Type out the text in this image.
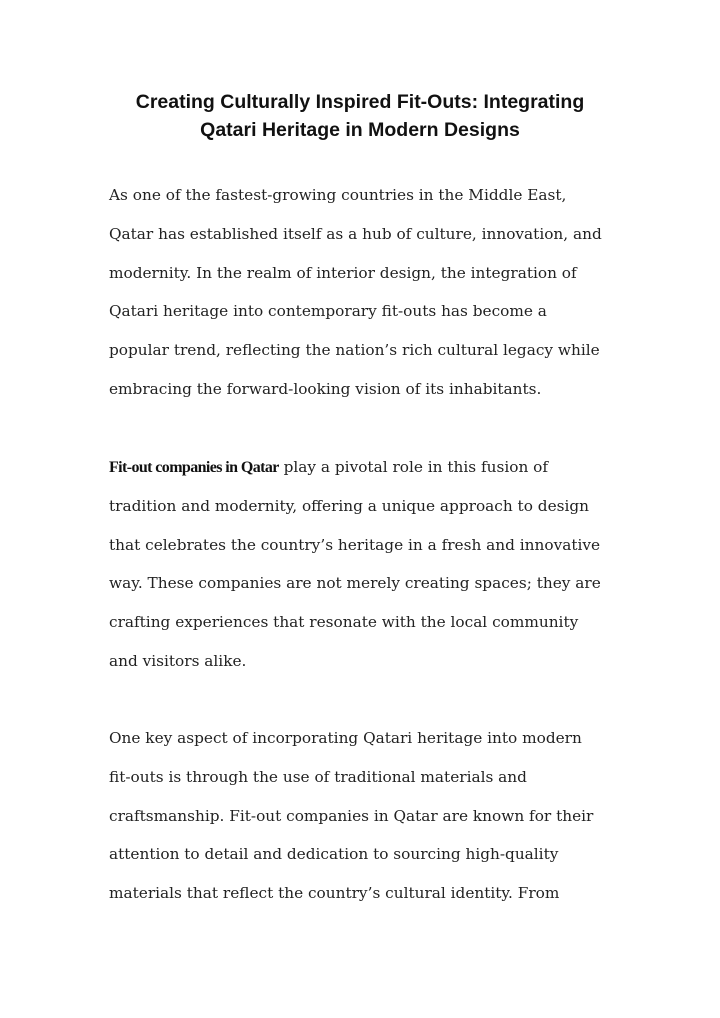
Creating Culturally Inspired Fit-Outs: Integrating
Qatari Heritage in Modern Designs

As one of the fastest-growing countries in the Middle East,
Qatar has established itself as a hub of culture, innovation, and
modernity. In the realm of interior design, the integration of
Qatari heritage into contemporary fit-outs has become a
popular trend, reflecting the nation’s rich cultural legacy while
embracing the forward-looking vision of its inhabitants.

Fit-out companies in Qatar play a pivotal role in this fusion of
tradition and modernity, offering a unique approach to design
that celebrates the country’s heritage in a fresh and innovative
way. These companies are not merely creating spaces; they are
crafting experiences that resonate with the local community
and visitors alike.

One key aspect of incorporating Qatari heritage into modern
fit-outs is through the use of traditional materials and
craftsmanship. Fit-out companies in Qatar are known for their
attention to detail and dedication to sourcing high-quality
materials that reflect the country’s cultural identity. From
